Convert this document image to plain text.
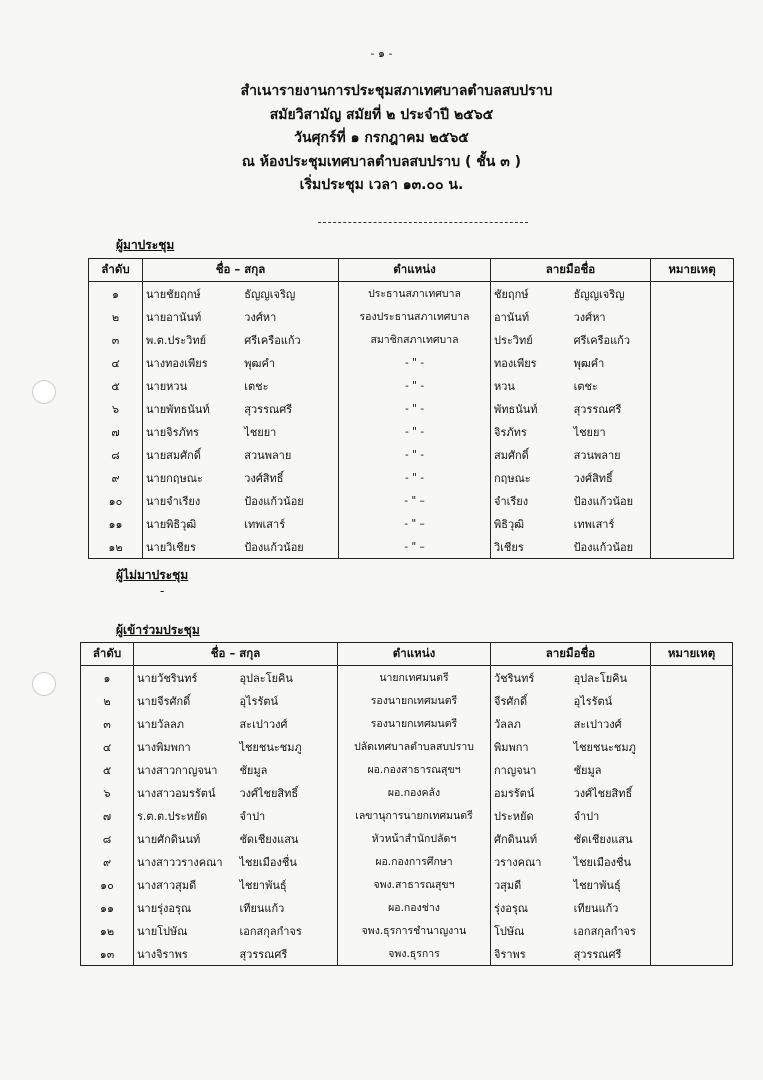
- ๑ -
สำเนารายงานการประชุมสภาเทศบาลตำบลสบปราบ
สมัยวิสามัญ สมัยที่ ๒ ประจำปี ๒๕๖๕
วันศุกร์ที่ ๑ กรกฎาคม ๒๕๖๕
ณ ห้องประชุมเทศบาลตำบลสบปราบ ( ชั้น ๓ )
เริ่มประชุม เวลา ๑๓.๐๐ น.
ผู้มาประชุม
ลำดับ	ชื่อ – สกุล	ตำแหน่ง	ลายมือชื่อ	หมายเหตุ
๑	นายชัยฤกษ์ ธัญญเจริญ	ประธานสภาเทศบาล	ชัยฤกษ์ ธัญญเจริญ	

๒	นายอานันท์ วงศ์หา	รองประธานสภาเทศบาล	อานันท์ วงศ์หา	

๓	พ.ต.ประวิทย์ ศรีเครือแก้ว	สมาชิกสภาเทศบาล	ประวิทย์ ศรีเครือแก้ว	

๔	นางทองเพียร พุฒคำ	- " -	ทองเพียร พุฒคำ	

๕	นายหวน เตชะ	- " -	หวน เตชะ	

๖	นายพัทธนันท์ สุวรรณศรี	- " -	พัทธนันท์ สุวรรณศรี	

๗	นายจิรภัทร ไชยยา	- " -	จิรภัทร ไชยยา	

๘	นายสมศักดิ์ สวนพลาย	- " -	สมศักดิ์ สวนพลาย	

๙	นายกฤษณะ วงศ์สิทธิ์	- " -	กฤษณะ วงศ์สิทธิ์	

๑๐	นายจำเรียง ป้องแก้วน้อย	- " –	จำเรียง ป้องแก้วน้อย	

๑๑	นายพิธิวุฒิ เทพเสาร์	- " –	พิธิวุฒิ เทพเสาร์	

๑๒	นายวิเชียร ป้องแก้วน้อย	- " –	วิเชียร ป้องแก้วน้อย	

ผู้ไม่มาประชุม
-
ผู้เข้าร่วมประชุม
ลำดับ	ชื่อ – สกุล	ตำแหน่ง	ลายมือชื่อ	หมายเหตุ
๑	นายวัชรินทร์ อุปละโยคิน	นายกเทศมนตรี	วัชรินทร์ อุปละโยคิน	

๒	นายจีรศักดิ์ อุไรรัตน์	รองนายกเทศมนตรี	จีรศักดิ์ อุไรรัตน์	

๓	นายวัลลภ สะเปาวงศ์	รองนายกเทศมนตรี	วัลลภ สะเปาวงศ์	

๔	นางพิมพกา ไชยชนะชมภู	ปลัดเทศบาลตำบลสบปราบ	พิมพกา ไชยชนะชมภู	

๕	นางสาวกาญจนา ชัยมูล	ผอ.กองสาธารณสุขฯ	กาญจนา ชัยมูล	

๖	นางสาวอมรรัตน์ วงศ์ไชยสิทธิ์	ผอ.กองคลัง	อมรรัตน์ วงศ์ไชยสิทธิ์	

๗	ร.ต.ต.ประหยัด จำปา	เลขานุการนายกเทศมนตรี	ประหยัด จำปา	

๘	นายศักดินนท์ ชัดเชียงแสน	หัวหน้าสำนักปลัดฯ	ศักดินนท์ ชัดเชียงแสน	

๙	นางสาววรางคณา ไชยเมืองชื่น	ผอ.กองการศึกษา	วรางคณา ไชยเมืองชื่น	

๑๐	นางสาวสุมดี ไชยาพันธุ์	จพง.สาธารณสุขฯ	วสุมดี ไชยาพันธุ์	

๑๑	นายรุ่งอรุณ เทียนแก้ว	ผอ.กองช่าง	รุ่งอรุณ เทียนแก้ว	

๑๒	นายโปษัณ เอกสกุลกำจร	จพง.ธุรการชำนาญงาน	โปษัณ เอกสกุลกำจร	

๑๓	นางจิราพร สุวรรณศรี	จพง.ธุรการ	จิราพร สุวรรณศรี	
